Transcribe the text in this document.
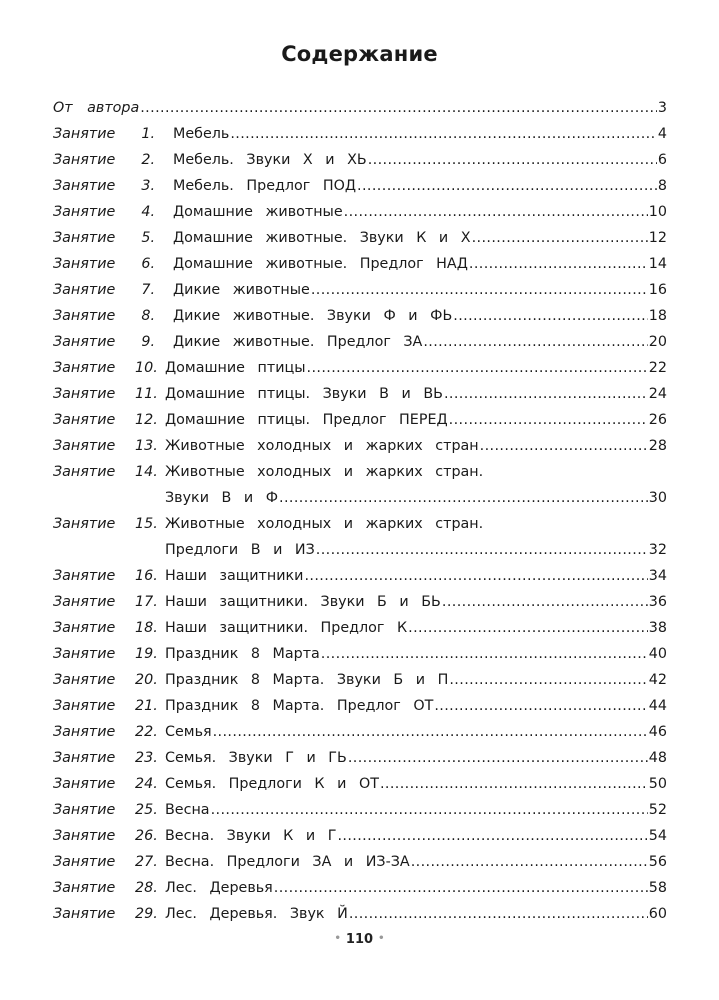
Содержание
От автора .....	3
Занятие	1. Мебель .....	4
Занятие	2. Мебель. Звуки Х и ХЬ .....	6
Занятие	3. Мебель. Предлог ПОД .....	8
Занятие	4. Домашние животные .....	10
Занятие	5. Домашние животные. Звуки К и Х .....	12
Занятие	6. Домашние животные. Предлог НАД .....	14
Занятие	7. Дикие животные .....	16
Занятие	8. Дикие животные. Звуки Ф и ФЬ .....	18
Занятие	9. Дикие животные. Предлог ЗА .....	20
Занятие	10. Домашние птицы .....	22
Занятие	11. Домашние птицы. Звуки В и ВЬ .....	24
Занятие	12. Домашние птицы. Предлог ПЕРЕД .....	26
Занятие	13. Животные холодных и жарких стран .....	28
Занятие	14. Животные холодных и жарких стран.
Звуки В и Ф .....	30
Занятие	15. Животные холодных и жарких стран.
Предлоги В и ИЗ .....	32
Занятие	16. Наши защитники .....	34
Занятие	17. Наши защитники. Звуки Б и БЬ .....	36
Занятие	18. Наши защитники. Предлог К .....	38
Занятие	19. Праздник 8 Марта .....	40
Занятие	20. Праздник 8 Марта. Звуки Б и П .....	42
Занятие	21. Праздник 8 Марта. Предлог ОТ .....	44
Занятие	22. Семья .....	46
Занятие	23. Семья. Звуки Г и ГЬ .....	48
Занятие	24. Семья. Предлоги К и ОТ .....	50
Занятие	25. Весна .....	52
Занятие	26. Весна. Звуки К и Г .....	54
Занятие	27. Весна. Предлоги ЗА и ИЗ-ЗА .....	56
Занятие	28. Лес. Деревья .....	58
Занятие	29. Лес. Деревья. Звук Й .....	60
• 110 •
